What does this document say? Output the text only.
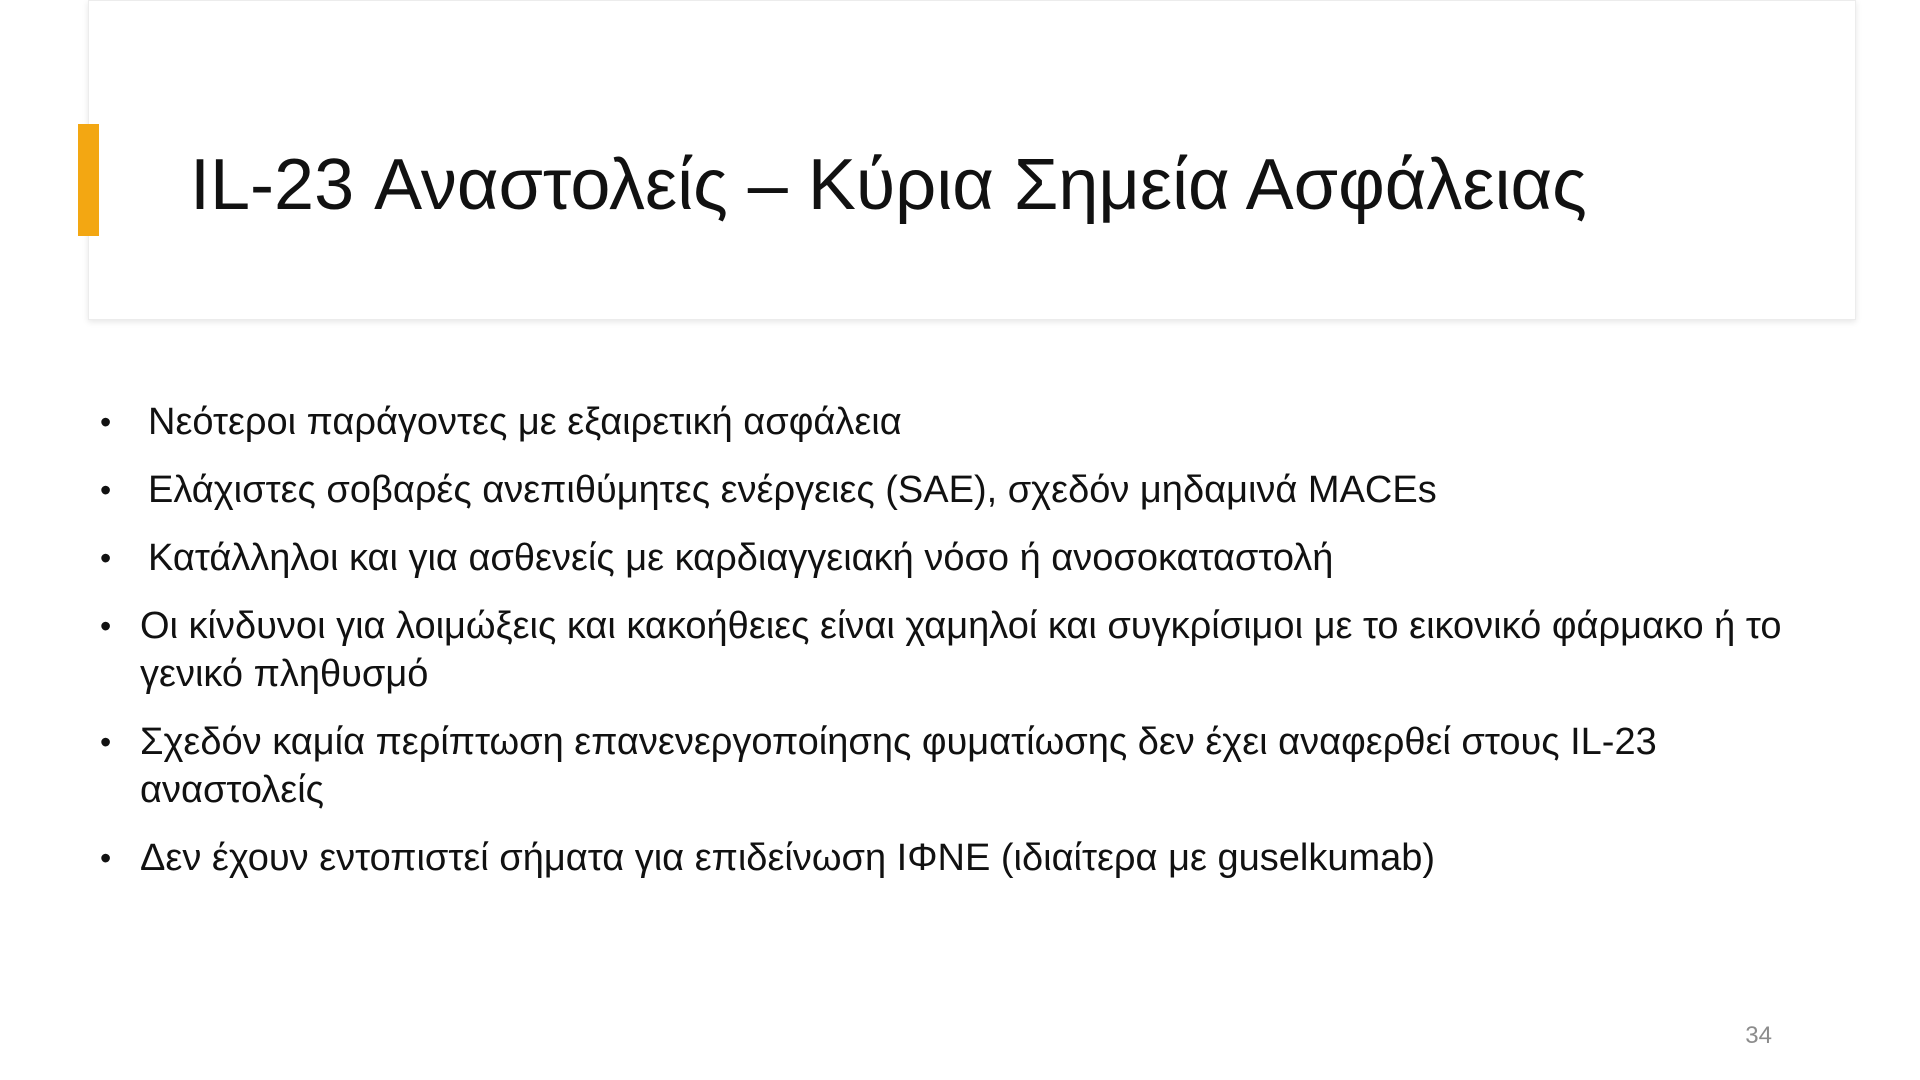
IL-23 Αναστολείς – Κύρια Σημεία Ασφάλειας
• Νεότεροι παράγοντες με εξαιρετική ασφάλεια
• Ελάχιστες σοβαρές ανεπιθύμητες ενέργειες (SAE), σχεδόν μηδαμινά MACEs
• Κατάλληλοι και για ασθενείς με καρδιαγγειακή νόσο ή ανοσοκαταστολή
• Οι κίνδυνοι για λοιμώξεις και κακοήθειες είναι χαμηλοί και συγκρίσιμοι με το εικονικό φάρμακο ή το γενικό πληθυσμό
• Σχεδόν καμία περίπτωση επανενεργοποίησης φυματίωσης δεν έχει αναφερθεί στους IL-23 αναστολείς
• Δεν έχουν εντοπιστεί σήματα για επιδείνωση ΙΦΝΕ (ιδιαίτερα με guselkumab)
34
